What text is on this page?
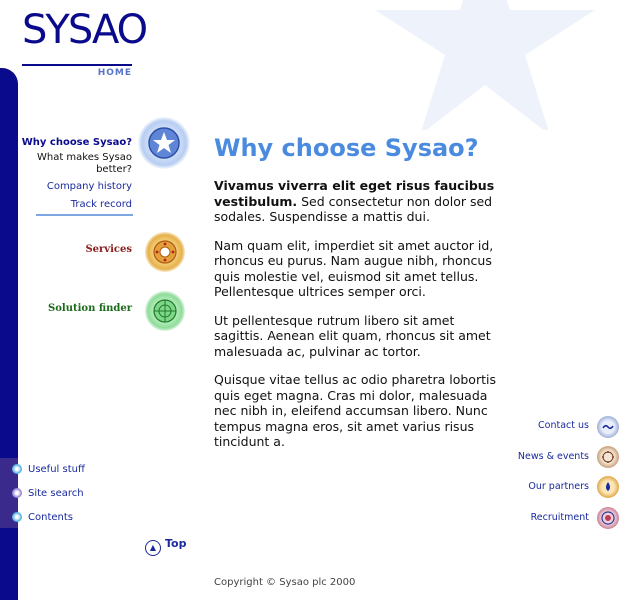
SYSAO
HOME
Why choose Sysao?
What makes Sysao better?
Company history
Track record
Services
Solution finder
Why choose Sysao?

Vivamus viverra elit eget risus faucibus vestibulum. Sed consectetur non dolor sed sodales. Suspendisse a mattis dui.

Nam quam elit, imperdiet sit amet auctor id, rhoncus eu purus. Nam augue nibh, rhoncus quis molestie vel, euismod sit amet tellus. Pellentesque ultrices semper orci.

Ut pellentesque rutrum libero sit amet sagittis. Aenean elit quam, rhoncus sit amet malesuada ac, pulvinar ac tortor.

Quisque vitae tellus ac odio pharetra lobortis quis eget magna. Cras mi dolor, malesuada nec nibh in, eleifend accumsan libero. Nunc tempus magna eros, sit amet varius risus tincidunt a.

Useful stuff
Site search
Contents
▲ Top
Contact us
News & events
Our partners
Recruitment
Copyright © Sysao plc 2000
